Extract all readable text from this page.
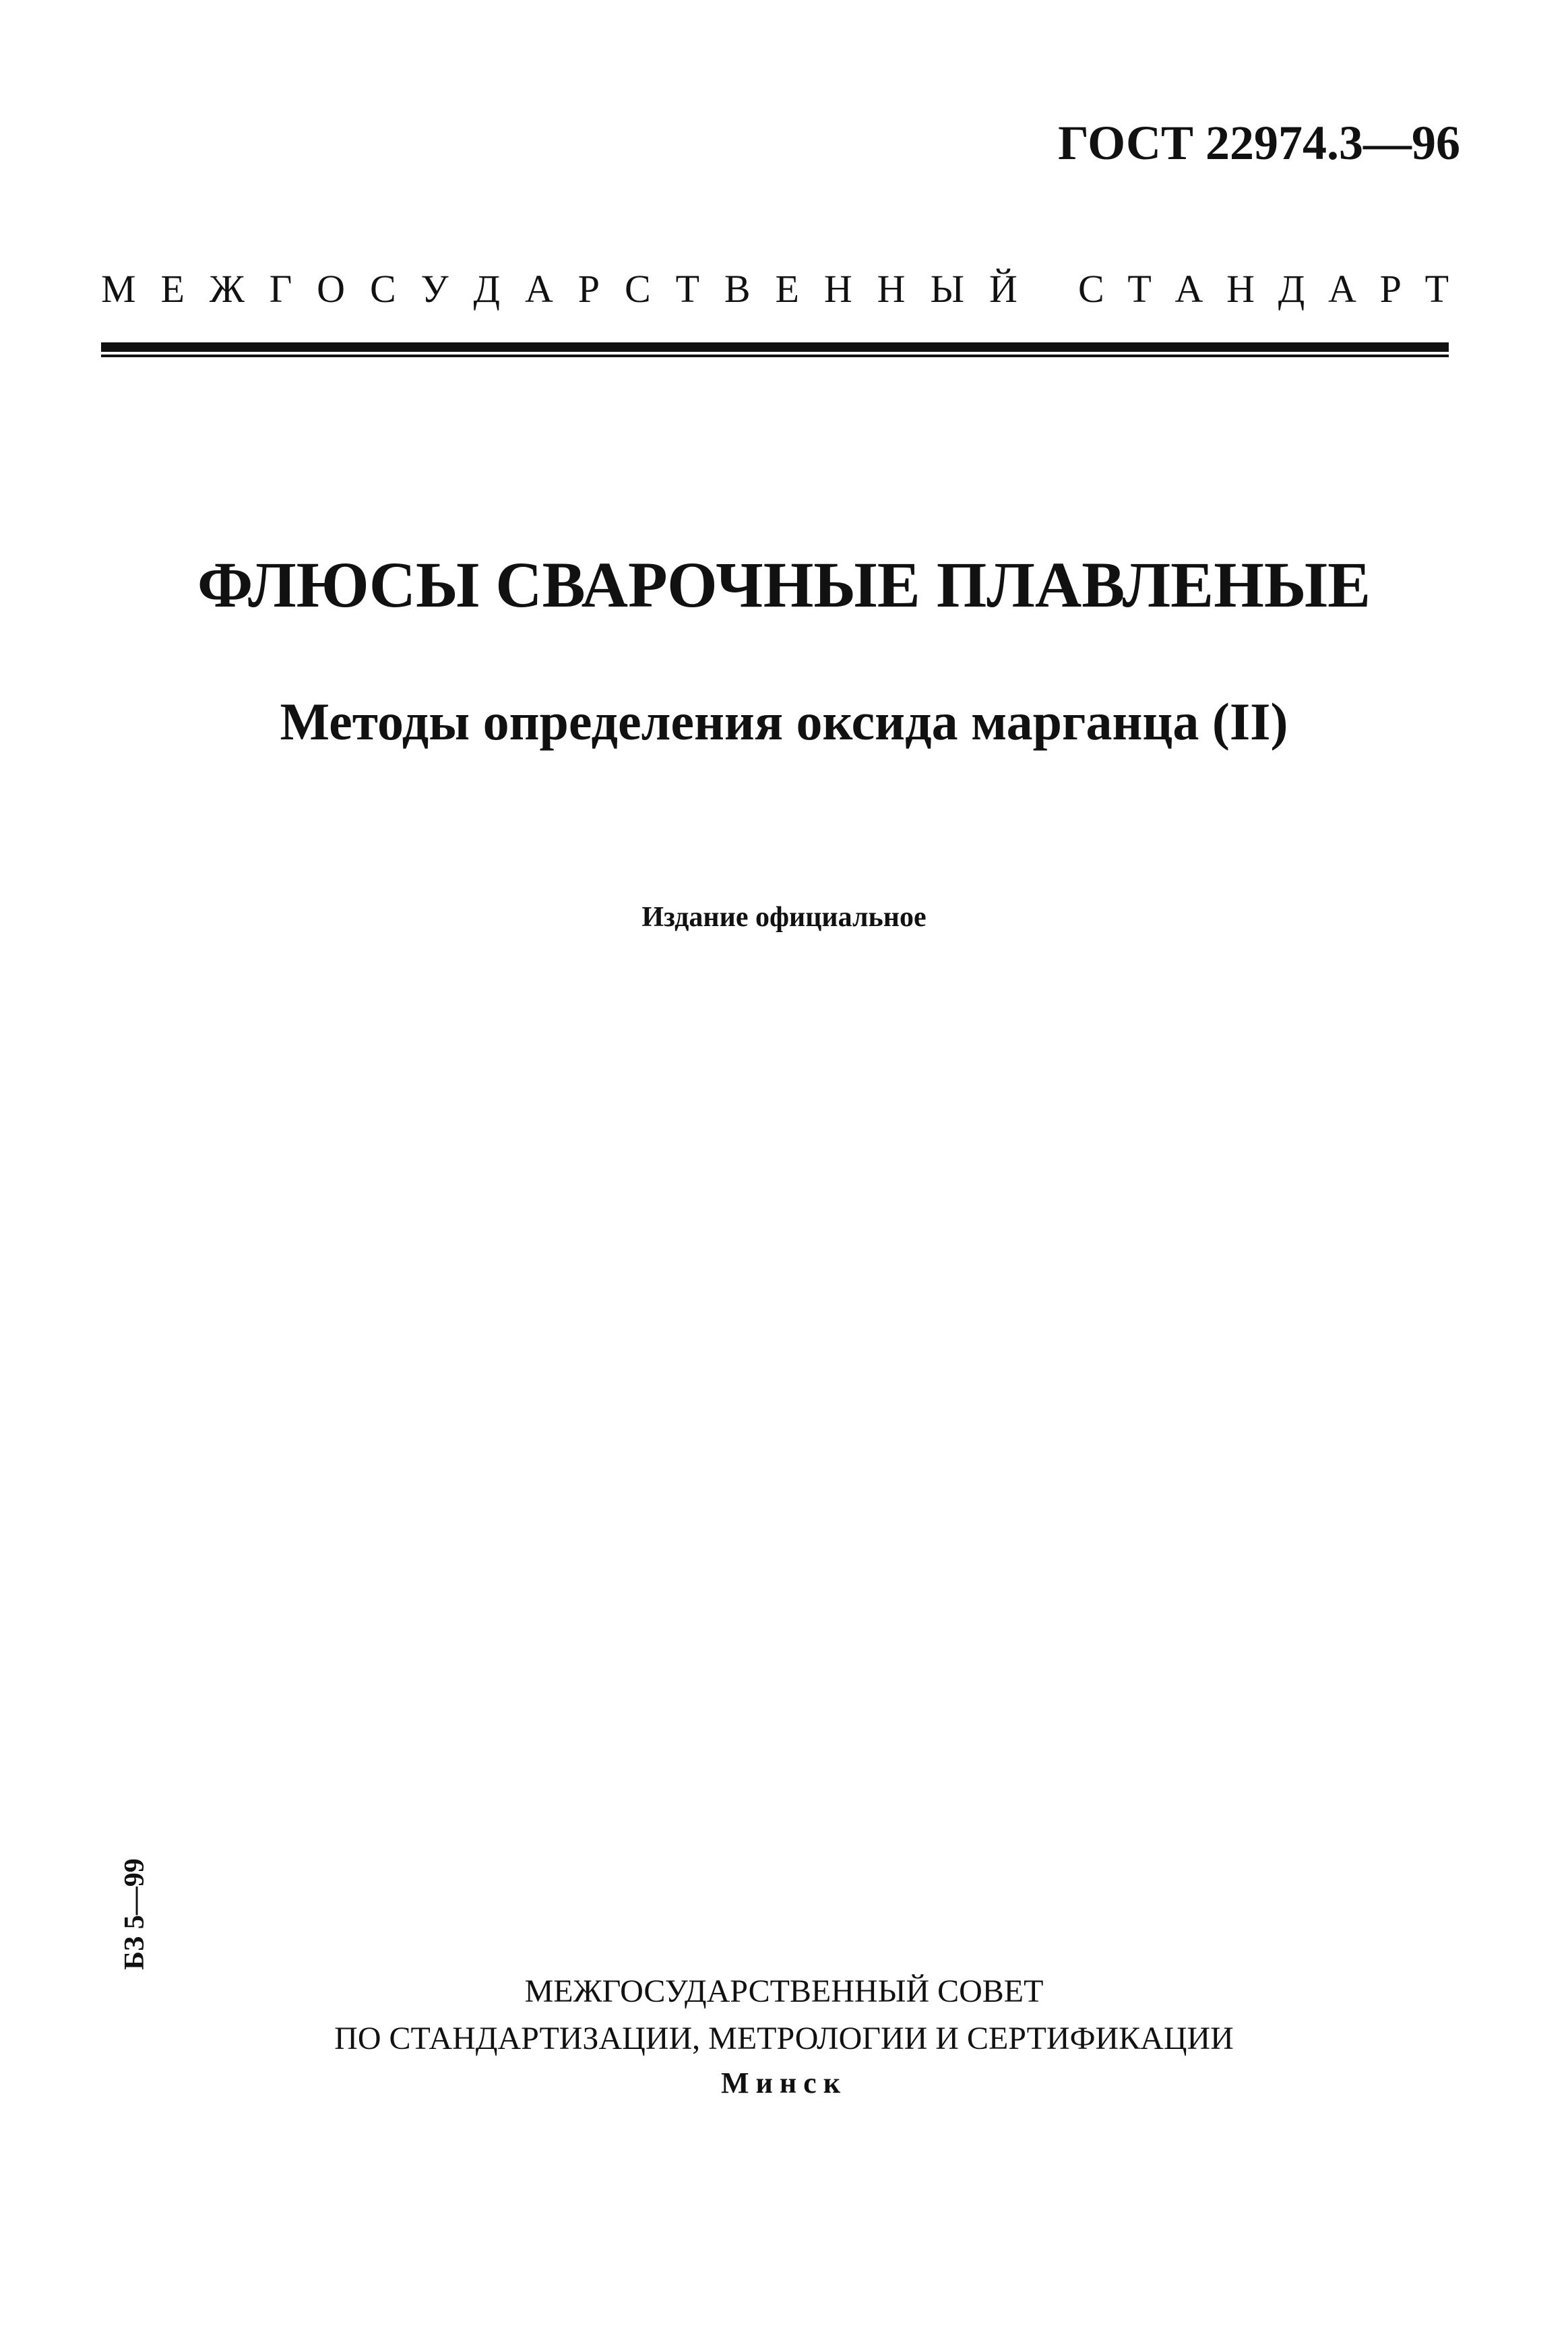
ГОСТ 22974.3—96
М Е Ж Г О С У Д А Р С Т В Е Н Н Ы Й С Т А Н Д А Р Т
ФЛЮСЫ СВАРОЧНЫЕ ПЛАВЛЕНЫЕ
Методы определения оксида марганца (II)
Издание официальное
БЗ 5—99
МЕЖГОСУДАРСТВЕННЫЙ СОВЕТ
ПО СТАНДАРТИЗАЦИИ, МЕТРОЛОГИИ И СЕРТИФИКАЦИИ
Минск
